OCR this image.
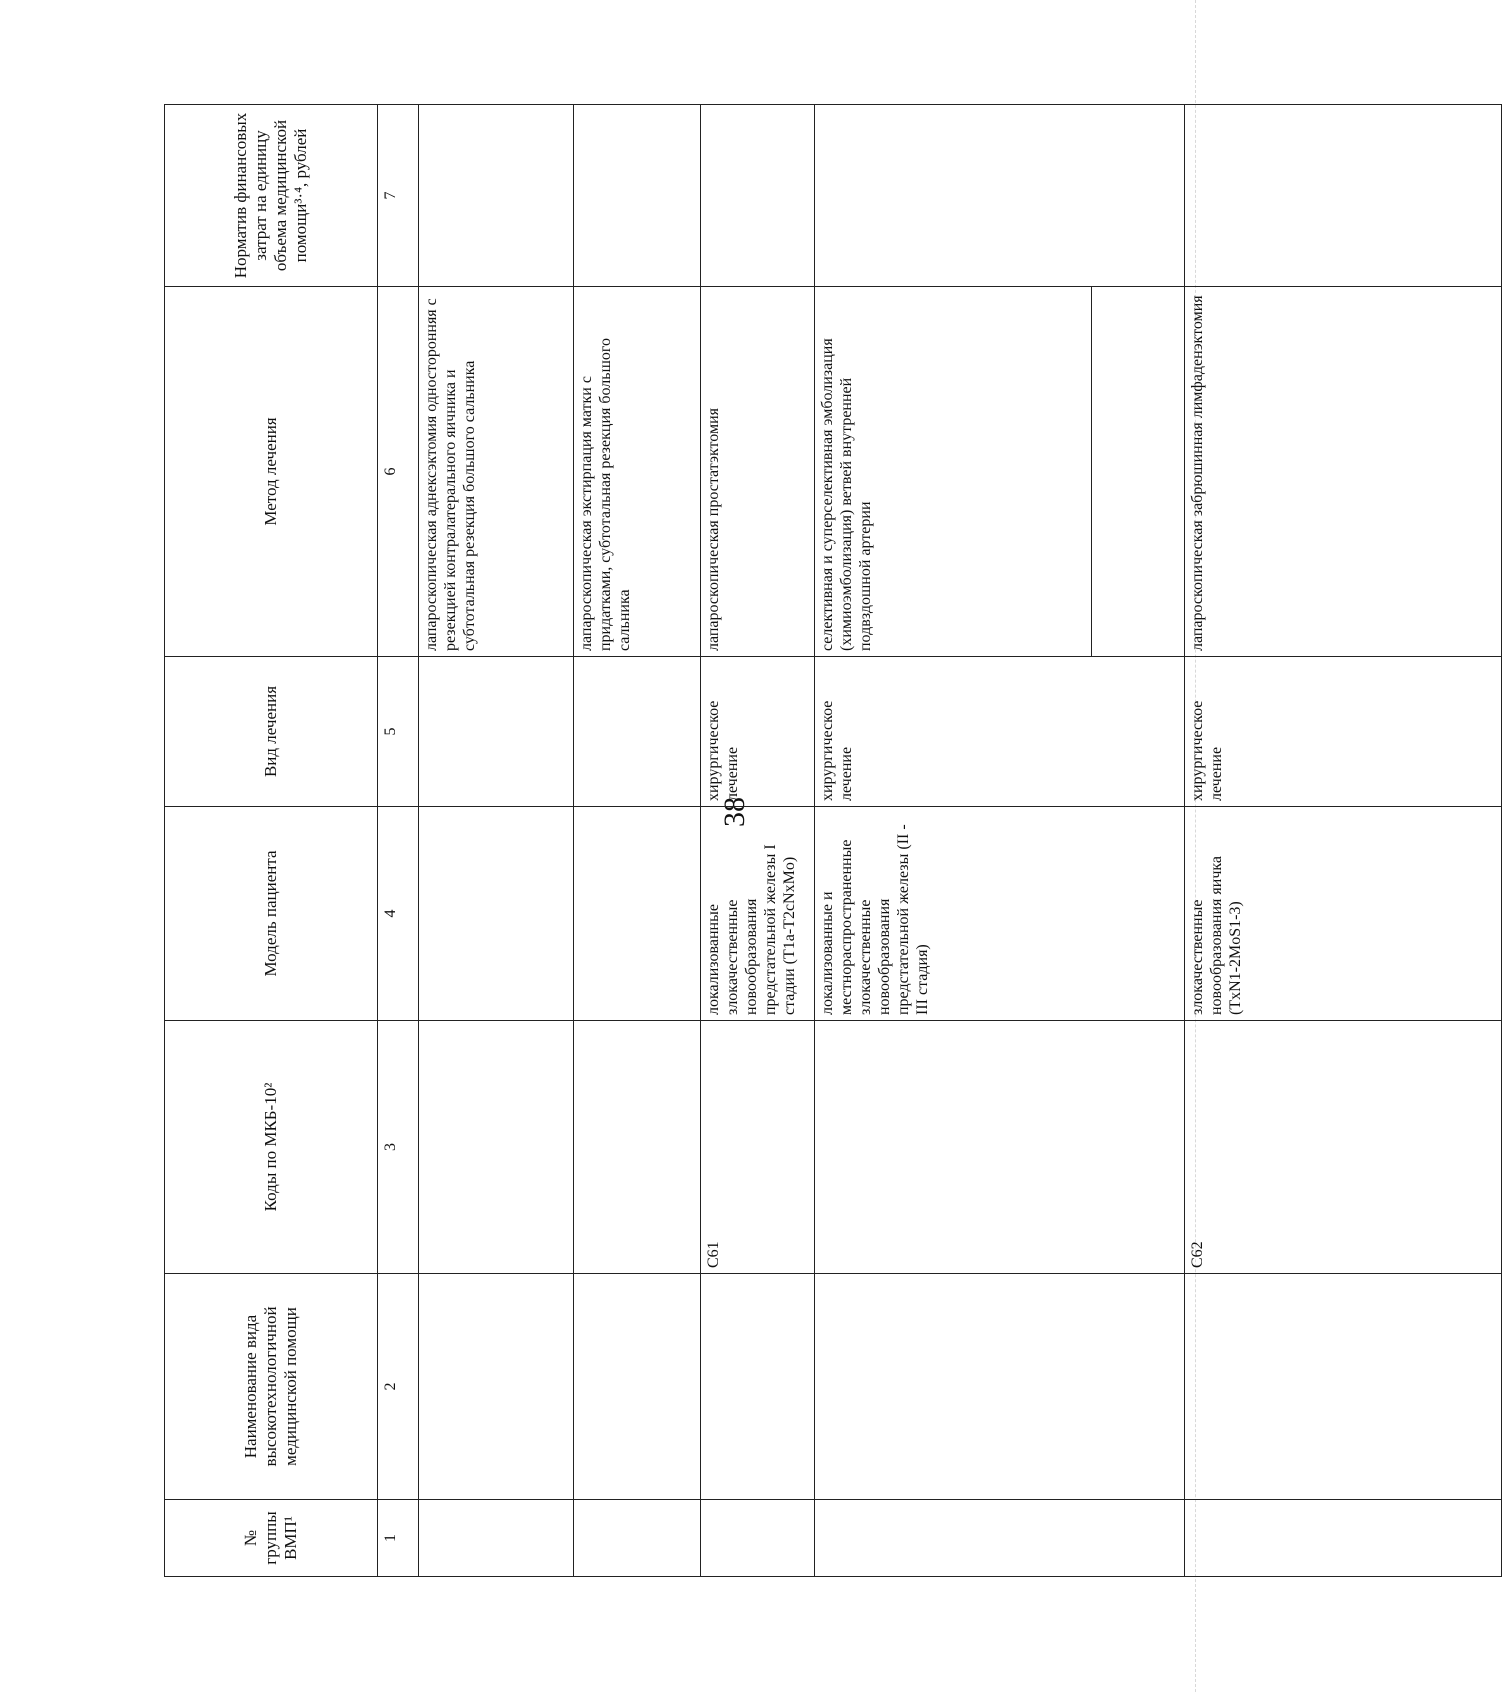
38
№ группы ВМП¹	Наименование вида высокотехнологичной медицинской помощи	Коды по МКБ-10²	Модель пациента	Вид лечения	Метод лечения	Норматив финансовых затрат на единицу объема медицинской помощи³·⁴, рублей
1	2	3	4	5	6	7
					лапароскопическая аднексэктомия односторонняя с резекцией контралатерального яичника и субтотальная резекция большого сальника	
					лапароскопическая экстирпация матки с придатками, субтотальная резекция большого сальника	
		C61	локализованные злокачественные новообразования предстательной железы I стадии (T1a-T2cNxMo)	хирургическое лечение	лапароскопическая простатэктомия	
			локализованные и местнораспространенные злокачественные новообразования предстательной железы (II - III стадия)	хирургическое лечение	селективная и суперселективная эмболизация (химиоэмболизация) ветвей внутренней подвздошной артерии	

		C62	злокачественные новообразования яичка (TxN1-2MoS1-3)	хирургическое лечение	лапароскопическая забрюшинная лимфаденэктомия	
